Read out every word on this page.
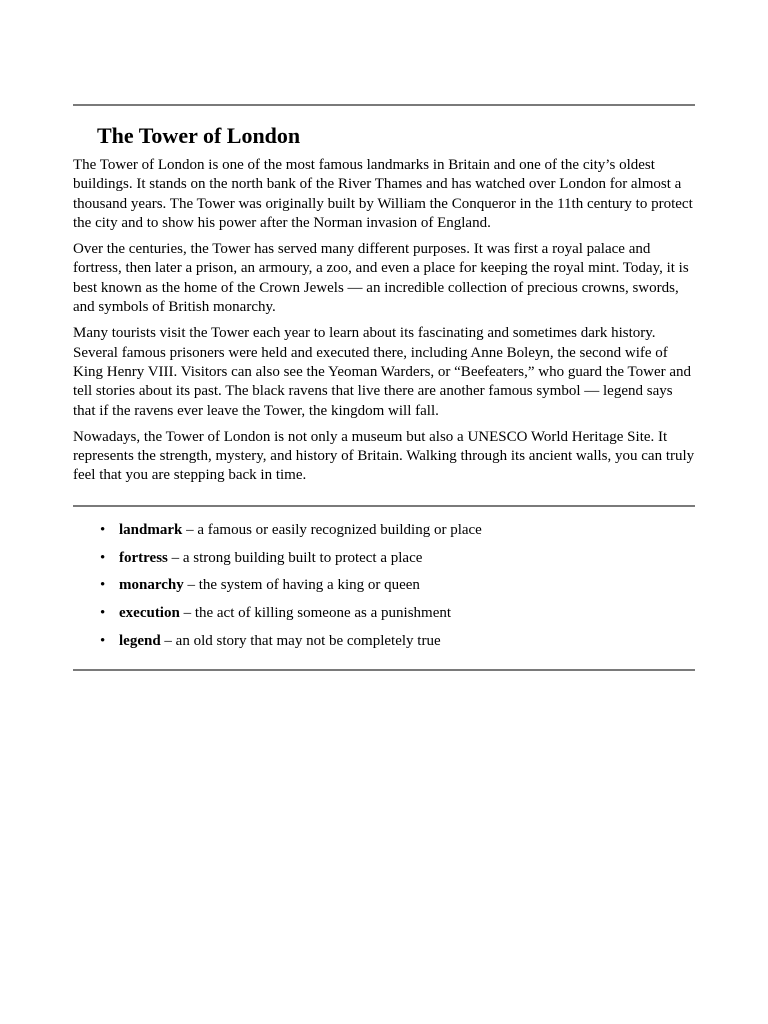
The Tower of London

The Tower of London is one of the most famous landmarks in Britain and one of the city’s oldest buildings. It stands on the north bank of the River Thames and has watched over London for almost a thousand years. The Tower was originally built by William the Conqueror in the 11th century to protect the city and to show his power after the Norman invasion of England.

Over the centuries, the Tower has served many different purposes. It was first a royal palace and fortress, then later a prison, an armoury, a zoo, and even a place for keeping the royal mint. Today, it is best known as the home of the Crown Jewels — an incredible collection of precious crowns, swords, and symbols of British monarchy.

Many tourists visit the Tower each year to learn about its fascinating and sometimes dark history. Several famous prisoners were held and executed there, including Anne Boleyn, the second wife of King Henry VIII. Visitors can also see the Yeoman Warders, or “Beefeaters,” who guard the Tower and tell stories about its past. The black ravens that live there are another famous symbol — legend says that if the ravens ever leave the Tower, the kingdom will fall.

Nowadays, the Tower of London is not only a museum but also a UNESCO World Heritage Site. It represents the strength, mystery, and history of Britain. Walking through its ancient walls, you can truly feel that you are stepping back in time.

• landmark – a famous or easily recognized building or place
• fortress – a strong building built to protect a place
• monarchy – the system of having a king or queen
• execution – the act of killing someone as a punishment
• legend – an old story that may not be completely true
